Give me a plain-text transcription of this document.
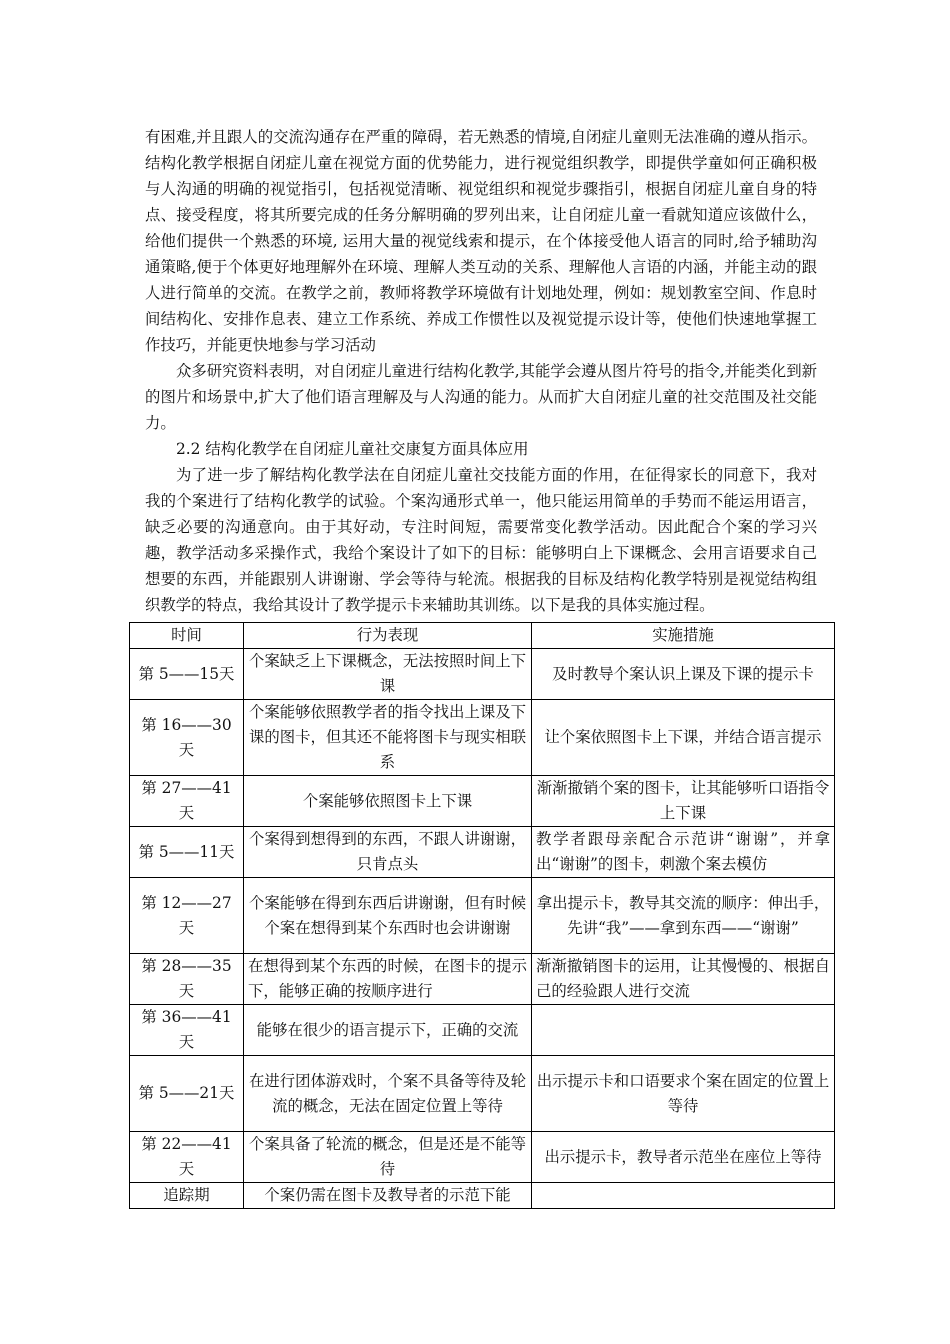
有困难,并且跟人的交流沟通存在严重的障碍，若无熟悉的情境,自闭症儿童则无法准确的遵从指示。结构化教学根据自闭症儿童在视觉方面的优势能力，进行视觉组织教学，即提供学童如何正确积极与人沟通的明确的视觉指引，包括视觉清晰、视觉组织和视觉步骤指引，根据自闭症儿童自身的特点、接受程度，将其所要完成的任务分解明确的罗列出来，让自闭症儿童一看就知道应该做什么，给他们提供一个熟悉的环境, 运用大量的视觉线索和提示，在个体接受他人语言的同时,给予辅助沟通策略,便于个体更好地理解外在环境、理解人类互动的关系、理解他人言语的内涵，并能主动的跟人进行简单的交流。在教学之前，教师将教学环境做有计划地处理，例如：规划教室空间、作息时间结构化、安排作息表、建立工作系统、养成工作惯性以及视觉提示设计等，使他们快速地掌握工作技巧，并能更快地参与学习活动

众多研究资料表明，对自闭症儿童进行结构化教学,其能学会遵从图片符号的指令,并能类化到新的图片和场景中,扩大了他们语言理解及与人沟通的能力。从而扩大自闭症儿童的社交范围及社交能力。

2.2 结构化教学在自闭症儿童社交康复方面具体应用

为了进一步了解结构化教学法在自闭症儿童社交技能方面的作用，在征得家长的同意下，我对我的个案进行了结构化教学的试验。个案沟通形式单一，他只能运用简单的手势而不能运用语言，缺乏必要的沟通意向。由于其好动，专注时间短，需要常变化教学活动。因此配合个案的学习兴趣，教学活动多采操作式，我给个案设计了如下的目标：能够明白上下课概念、会用言语要求自己想要的东西，并能跟别人讲谢谢、学会等待与轮流。根据我的目标及结构化教学特别是视觉结构组织教学的特点，我给其设计了教学提示卡来辅助其训练。以下是我的具体实施过程。

时间	行为表现	实施措施
第 5——15天	个案缺乏上下课概念，无法按照时间上下课	及时教导个案认识上课及下课的提示卡
第 16——30天	个案能够依照教学者的指令找出上课及下课的图卡，但其还不能将图卡与现实相联系	让个案依照图卡上下课，并结合语言提示
第 27——41天	个案能够依照图卡上下课	渐渐撤销个案的图卡，让其能够听口语指令上下课
第 5——11天	个案得到想得到的东西，不跟人讲谢谢，只肯点头	教学者跟母亲配合示范讲“谢谢”，并拿出“谢谢”的图卡，刺激个案去模仿
第 12——27天	个案能够在得到东西后讲谢谢，但有时候个案在想得到某个东西时也会讲谢谢	拿出提示卡，教导其交流的顺序：伸出手，先讲“我”——拿到东西——“谢谢”
第 28——35天	在想得到某个东西的时候，在图卡的提示下，能够正确的按顺序进行	渐渐撤销图卡的运用，让其慢慢的、根据自己的经验跟人进行交流
第 36——41天	能够在很少的语言提示下，正确的交流	
第 5——21天	在进行团体游戏时，个案不具备等待及轮流的概念，无法在固定位置上等待	出示提示卡和口语要求个案在固定的位置上等待
第 22——41天	个案具备了轮流的概念，但是还是不能等待	出示提示卡，教导者示范坐在座位上等待
追踪期	个案仍需在图卡及教导者的示范下能	
